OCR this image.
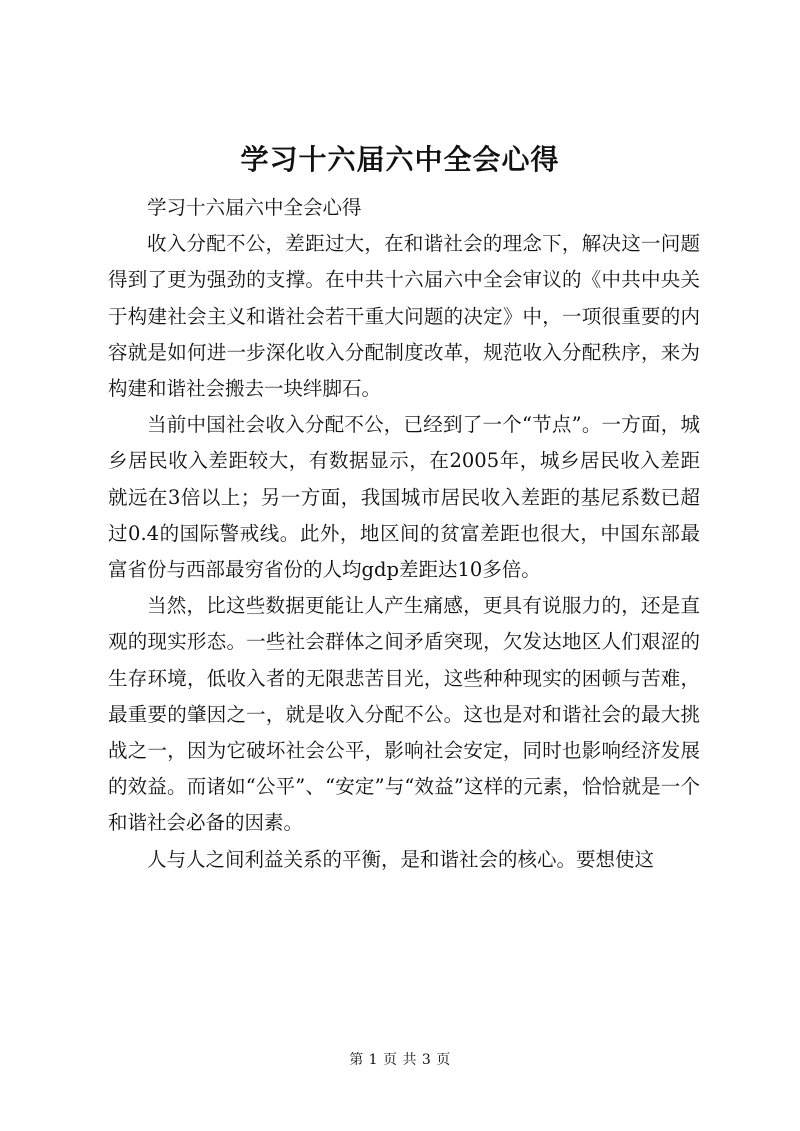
学习十六届六中全会心得

学习十六届六中全会心得

收入分配不公，差距过大，在和谐社会的理念下，解决这一问题得到了更为强劲的支撑。在中共十六届六中全会审议的《中共中央关于构建社会主义和谐社会若干重大问题的决定》中，一项很重要的内容就是如何进一步深化收入分配制度改革，规范收入分配秩序，来为构建和谐社会搬去一块绊脚石。

当前中国社会收入分配不公，已经到了一个“节点”。一方面，城乡居民收入差距较大，有数据显示，在2005年，城乡居民收入差距就远在3倍以上；另一方面，我国城市居民收入差距的基尼系数已超过0.4的国际警戒线。此外，地区间的贫富差距也很大，中国东部最富省份与西部最穷省份的人均gdp差距达10多倍。

当然，比这些数据更能让人产生痛感，更具有说服力的，还是直观的现实形态。一些社会群体之间矛盾突现，欠发达地区人们艰涩的生存环境，低收入者的无限悲苦目光，这些种种现实的困顿与苦难，最重要的肇因之一，就是收入分配不公。这也是对和谐社会的最大挑战之一，因为它破坏社会公平，影响社会安定，同时也影响经济发展的效益。而诸如“公平”、“安定”与“效益”这样的元素，恰恰就是一个和谐社会必备的因素。

人与人之间利益关系的平衡，是和谐社会的核心。要想使这

第 1 页 共 3 页
